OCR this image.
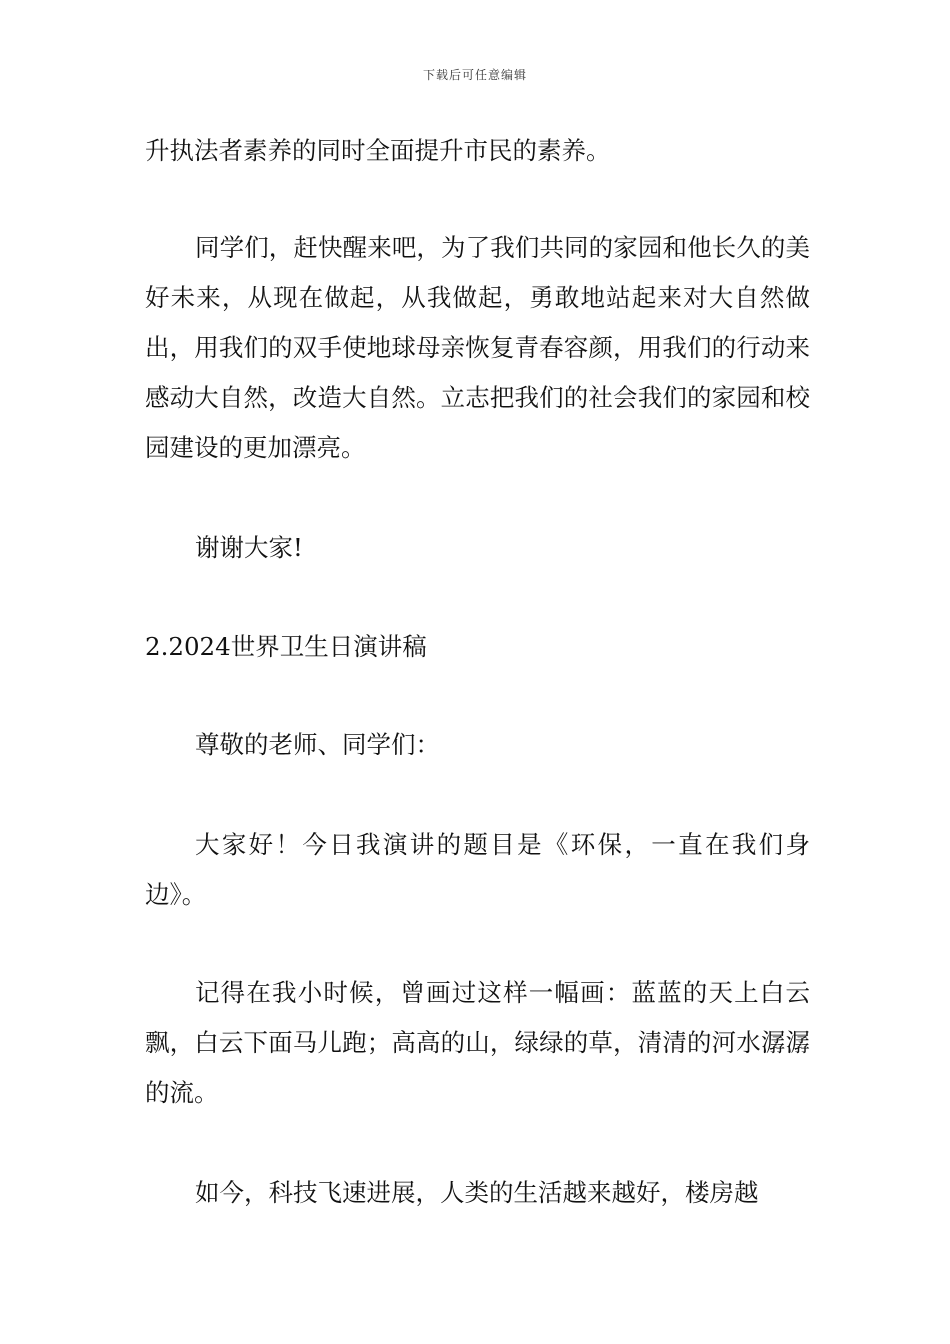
下载后可任意编辑

升执法者素养的同时全面提升市民的素养。

同学们，赶快醒来吧，为了我们共同的家园和他长久的美好未来，从现在做起，从我做起，勇敢地站起来对大自然做出，用我们的双手使地球母亲恢复青春容颜，用我们的行动来感动大自然，改造大自然。立志把我们的社会我们的家园和校园建设的更加漂亮。

谢谢大家!

2.2024世界卫生日演讲稿

尊敬的老师、同学们：

大家好！今日我演讲的题目是《环保，一直在我们身边》。

记得在我小时候，曾画过这样一幅画：蓝蓝的天上白云飘，白云下面马儿跑；高高的山，绿绿的草，清清的河水潺潺的流。

如今，科技飞速进展，人类的生活越来越好，楼房越
